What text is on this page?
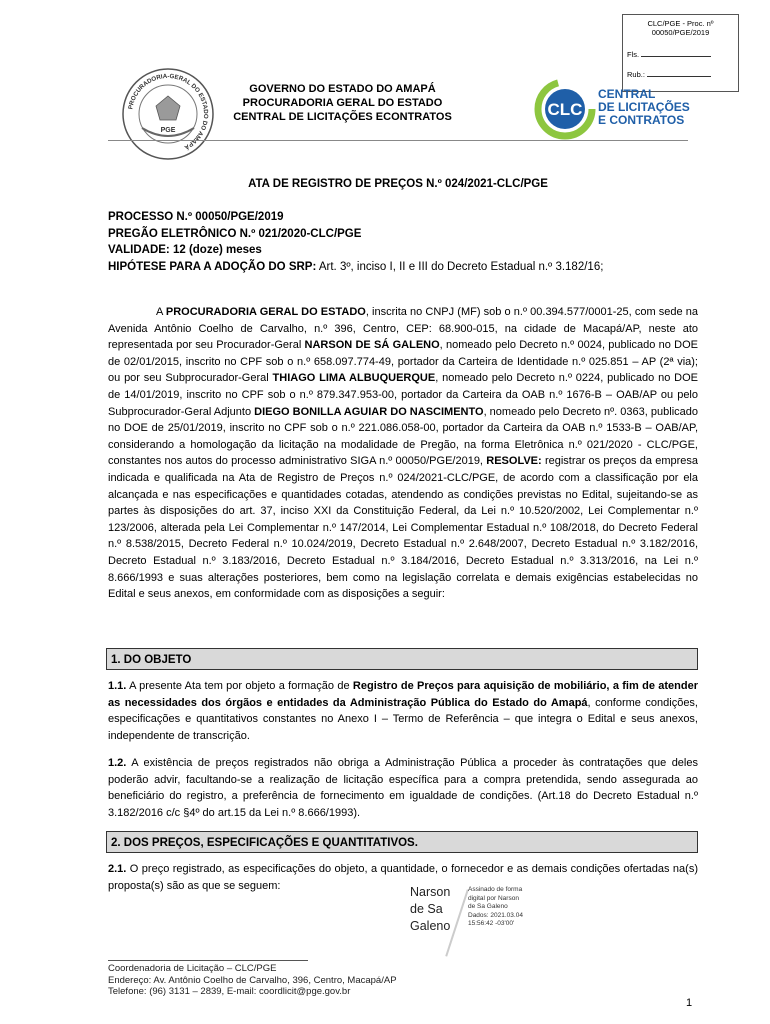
CLC/PGE - Proc. nº
00050/PGE/2019
Fls.
Rub.:
PROCURADORIA-GERAL DO ESTADO DO AMAPÁ
PGE
GOVERNO DO ESTADO DO AMAPÁ
PROCURADORIA GERAL DO ESTADO
CENTRAL DE LICITAÇÕES ECONTRATOS	CLC
CENTRAL
DE LICITAÇÕES
E CONTRATOS
ATA DE REGISTRO DE PREÇOS N.º 024/2021-CLC/PGE
PROCESSO N.º 00050/PGE/2019
PREGÃO ELETRÔNICO N.º 021/2020-CLC/PGE
VALIDADE: 12 (doze) meses
HIPÓTESE PARA A ADOÇÃO DO SRP: Art. 3º, inciso I, II e III do Decreto Estadual n.º 3.182/16;
A PROCURADORIA GERAL DO ESTADO, inscrita no CNPJ (MF) sob o n.º 00.394.577/0001-25, com sede na Avenida Antônio Coelho de Carvalho, n.º 396, Centro, CEP: 68.900-015, na cidade de Macapá/AP, neste ato representada por seu Procurador-Geral NARSON DE SÁ GALENO, nomeado pelo Decreto n.º 0024, publicado no DOE de 02/01/2015, inscrito no CPF sob o n.º 658.097.774-49, portador da Carteira de Identidade n.º 025.851 – AP (2ª via); ou por seu Subprocurador-Geral THIAGO LIMA ALBUQUERQUE, nomeado pelo Decreto n.º 0224, publicado no DOE de 14/01/2019, inscrito no CPF sob o n.º 879.347.953-00, portador da Carteira da OAB n.º 1676-B – OAB/AP ou pelo Subprocurador-Geral Adjunto DIEGO BONILLA AGUIAR DO NASCIMENTO, nomeado pelo Decreto nº. 0363, publicado no DOE de 25/01/2019, inscrito no CPF sob o n.º 221.086.058-00, portador da Carteira da OAB n.º 1533-B – OAB/AP, considerando a homologação da licitação na modalidade de Pregão, na forma Eletrônica n.º 021/2020 - CLC/PGE, constantes nos autos do processo administrativo SIGA n.º 00050/PGE/2019, RESOLVE: registrar os preços da empresa indicada e qualificada na Ata de Registro de Preços n.º 024/2021-CLC/PGE, de acordo com a classificação por ela alcançada e nas especificações e quantidades cotadas, atendendo as condições previstas no Edital, sujeitando-se as partes às disposições do art. 37, inciso XXI da Constituição Federal, da Lei n.º 10.520/2002, Lei Complementar n.º 123/2006, alterada pela Lei Complementar n.º 147/2014, Lei Complementar Estadual n.º 108/2018, do Decreto Federal n.º 8.538/2015, Decreto Federal n.º 10.024/2019, Decreto Estadual n.º 2.648/2007, Decreto Estadual n.º 3.182/2016, Decreto Estadual n.º 3.183/2016, Decreto Estadual n.º 3.184/2016, Decreto Estadual n.º 3.313/2016, na Lei n.º 8.666/1993 e suas alterações posteriores, bem como na legislação correlata e demais exigências estabelecidas no Edital e seus anexos, em conformidade com as disposições a seguir:
1. DO OBJETO
1.1. A presente Ata tem por objeto a formação de Registro de Preços para aquisição de mobiliário, a fim de atender as necessidades dos órgãos e entidades da Administração Pública do Estado do Amapá, conforme condições, especificações e quantitativos constantes no Anexo I – Termo de Referência – que integra o Edital e seus anexos, independente de transcrição.
1.2. A existência de preços registrados não obriga a Administração Pública a proceder às contratações que deles poderão advir, facultando-se a realização de licitação específica para a compra pretendida, sendo assegurada ao beneficiário do registro, a preferência de fornecimento em igualdade de condições. (Art.18 do Decreto Estadual n.º 3.182/2016 c/c §4º do art.15 da Lei n.º 8.666/1993).
2. DOS PREÇOS, ESPECIFICAÇÕES E QUANTITATIVOS.
2.1. O preço registrado, as especificações do objeto, a quantidade, o fornecedor e as demais condições ofertadas na(s) proposta(s) são as que se seguem:	Narson
de Sa
Galeno
Assinado de forma
digital por Narson
de Sa Galeno
Dados: 2021.03.04
15:56:42 -03'00'
Coordenadoria de Licitação – CLC/PGE
Endereço: Av. Antônio Coelho de Carvalho, 396, Centro, Macapá/AP
Telefone: (96) 3131 – 2839, E-mail: coordlicit@pge.gov.br
1
